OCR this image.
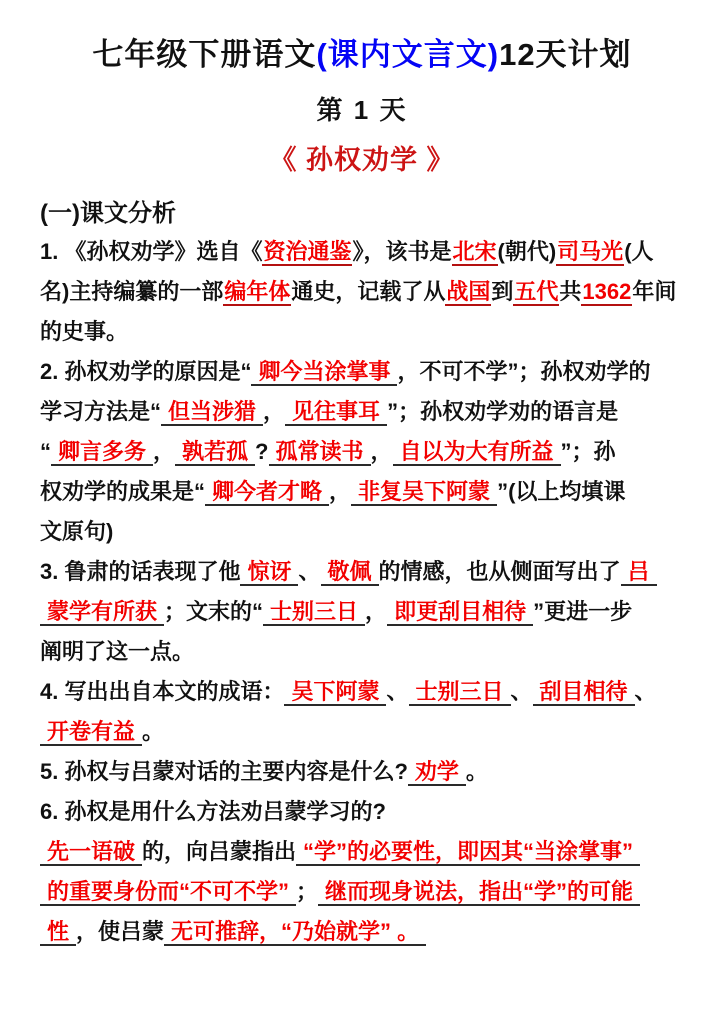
七年级下册语文(课内文言文)12天计划
第 1 天
《 孙权劝学 》
(一)课文分析
1. 《孙权劝学》选自《资治通鉴》，该书是北宋(朝代)司马光(人
名)主持编纂的一部编年体通史，记载了从战国到五代共1362年间
的史事。
2. 孙权劝学的原因是“ 卿今当涂掌事 ，不可不学”；孙权劝学的
学习方法是“ 但当涉猎 ， 见往事耳 ”；孙权劝学劝的语言是
“ 卿言多务 ， 孰若孤 ? 孤常读书 ， 自以为大有所益 ”；孙
权劝学的成果是“ 卿今者才略 ， 非复吴下阿蒙 ”(以上均填课
文原句)
3. 鲁肃的话表现了他 惊讶 、 敬佩 的情感，也从侧面写出了 吕
蒙学有所获 ；文末的“ 士别三日 ， 即更刮目相待 ”更进一步
阐明了这一点。
4. 写出出自本文的成语： 吴下阿蒙 、 士别三日 、 刮目相待 、
开卷有益 。
5. 孙权与吕蒙对话的主要内容是什么? 劝学 。
6. 孙权是用什么方法劝吕蒙学习的?
先一语破 的，向吕蒙指出 “学”的必要性，即因其“当涂掌事”
的重要身份而“不可不学” ； 继而现身说法，指出“学”的可能
性 ，使吕蒙 无可推辞，“乃始就学” 。
